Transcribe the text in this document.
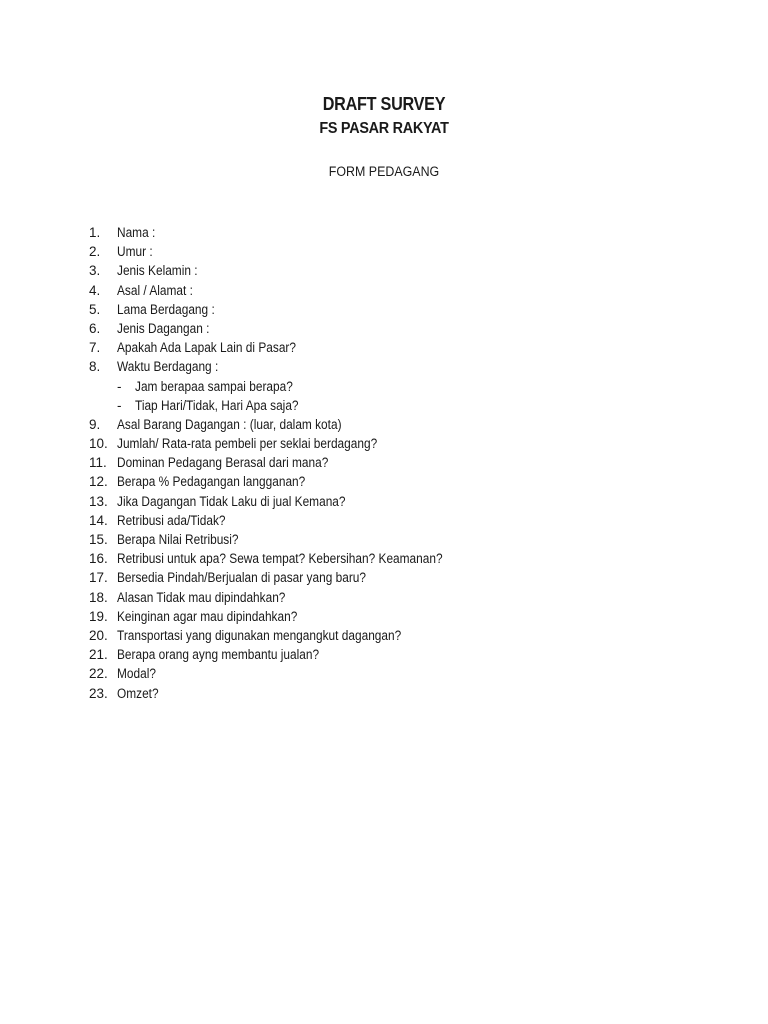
DRAFT SURVEY
FS PASAR RAKYAT
FORM PEDAGANG
1. Nama :
2. Umur :
3. Jenis Kelamin :
4. Asal / Alamat :
5. Lama Berdagang :
6. Jenis Dagangan :
7. Apakah Ada Lapak Lain di Pasar?
8. Waktu Berdagang :
- Jam berapaa sampai berapa?
- Tiap Hari/Tidak, Hari Apa saja?
9. Asal Barang Dagangan : (luar, dalam kota)
10. Jumlah/ Rata-rata pembeli per seklai berdagang?
11. Dominan Pedagang Berasal dari mana?
12. Berapa % Pedagangan langganan?
13. Jika Dagangan Tidak Laku di jual Kemana?
14. Retribusi ada/Tidak?
15. Berapa Nilai Retribusi?
16. Retribusi untuk apa? Sewa tempat? Kebersihan? Keamanan?
17. Bersedia Pindah/Berjualan di pasar yang baru?
18. Alasan Tidak mau dipindahkan?
19. Keinginan agar mau dipindahkan?
20. Transportasi yang digunakan mengangkut dagangan?
21. Berapa orang ayng membantu jualan?
22. Modal?
23. Omzet?
